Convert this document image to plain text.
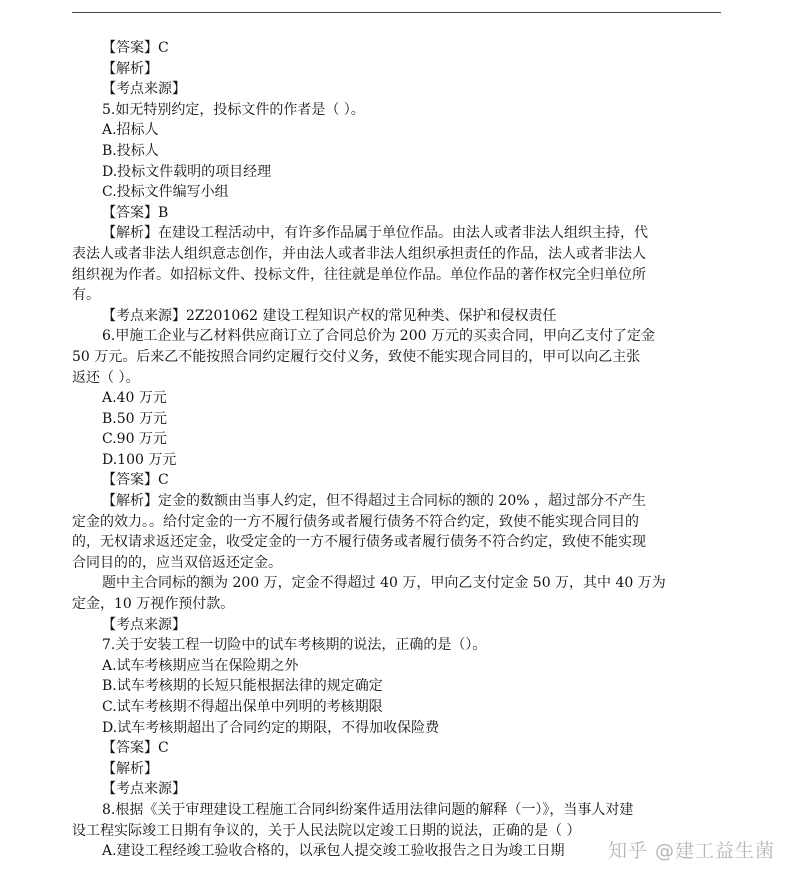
【答案】C
【解析】
【考点来源】
5.如无特别约定，投标文件的作者是（ ）。
A.招标人
B.投标人
D.投标文件载明的项目经理
C.投标文件编写小组
【答案】B
【解析】在建设工程活动中，有许多作品属于单位作品。由法人或者非法人组织主持，代
表法人或者非法人组织意志创作，并由法人或者非法人组织承担责任的作品，法人或者非法人
组织视为作者。如招标文件、投标文件，往往就是单位作品。单位作品的著作权完全归单位所
有。
【考点来源】2Z201062 建设工程知识产权的常见种类、保护和侵权责任
6.甲施工企业与乙材料供应商订立了合同总价为 200 万元的买卖合同，甲向乙支付了定金
50 万元。后来乙不能按照合同约定履行交付义务，致使不能实现合同目的，甲可以向乙主张
返还（ ）。
A.40 万元
B.50 万元
C.90 万元
D.100 万元
【答案】C
【解析】定金的数额由当事人约定，但不得超过主合同标的额的 20% ，超过部分不产生
定金的效力。。给付定金的一方不履行债务或者履行债务不符合约定，致使不能实现合同目的
的，无权请求返还定金，收受定金的一方不履行债务或者履行债务不符合约定，致使不能实现
合同目的的，应当双倍返还定金。
题中主合同标的额为 200 万，定金不得超过 40 万，甲向乙支付定金 50 万，其中 40 万为
定金，10 万视作预付款。
【考点来源】
7.关于安装工程一切险中的试车考核期的说法，正确的是（）。
A.试车考核期应当在保险期之外
B.试车考核期的长短只能根据法律的规定确定
C.试车考核期不得超出保单中列明的考核期限
D.试车考核期超出了合同约定的期限，不得加收保险费
【答案】C
【解析】
【考点来源】
8.根据《关于审理建设工程施工合同纠纷案件适用法律问题的解释（一）》，当事人对建
设工程实际竣工日期有争议的，关于人民法院以定竣工日期的说法，正确的是（ ）
A.建设工程经竣工验收合格的，以承包人提交竣工验收报告之日为竣工日期	知乎 @建工益生菌
